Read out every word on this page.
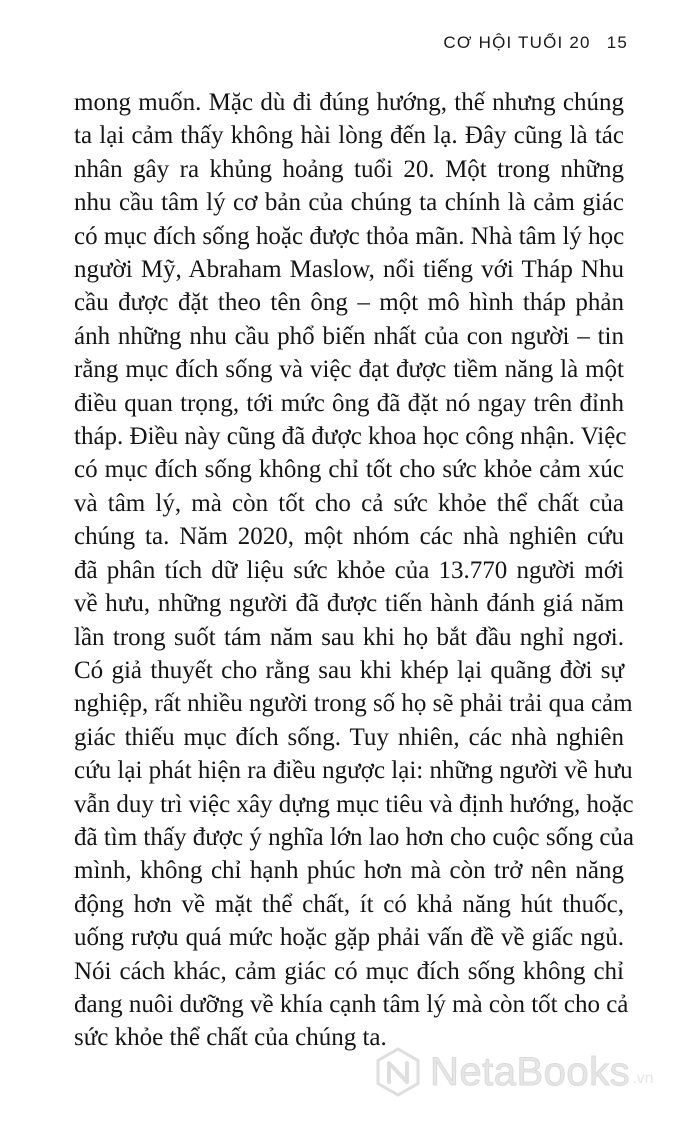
CƠ HỘI TUỔI 20 15

mong muốn. Mặc dù đi đúng hướng, thế nhưng chúng
ta lại cảm thấy không hài lòng đến lạ. Đây cũng là tác
nhân gây ra khủng hoảng tuổi 20. Một trong những
nhu cầu tâm lý cơ bản của chúng ta chính là cảm giác
có mục đích sống hoặc được thỏa mãn. Nhà tâm lý học
người Mỹ, Abraham Maslow, nổi tiếng với Tháp Nhu
cầu được đặt theo tên ông – một mô hình tháp phản
ánh những nhu cầu phổ biến nhất của con người – tin
rằng mục đích sống và việc đạt được tiềm năng là một
điều quan trọng, tới mức ông đã đặt nó ngay trên đỉnh
tháp. Điều này cũng đã được khoa học công nhận. Việc
có mục đích sống không chỉ tốt cho sức khỏe cảm xúc
và tâm lý, mà còn tốt cho cả sức khỏe thể chất của
chúng ta. Năm 2020, một nhóm các nhà nghiên cứu
đã phân tích dữ liệu sức khỏe của 13.770 người mới
về hưu, những người đã được tiến hành đánh giá năm
lần trong suốt tám năm sau khi họ bắt đầu nghỉ ngơi.
Có giả thuyết cho rằng sau khi khép lại quãng đời sự
nghiệp, rất nhiều người trong số họ sẽ phải trải qua cảm
giác thiếu mục đích sống. Tuy nhiên, các nhà nghiên
cứu lại phát hiện ra điều ngược lại: những người về hưu
vẫn duy trì việc xây dựng mục tiêu và định hướng, hoặc
đã tìm thấy được ý nghĩa lớn lao hơn cho cuộc sống của
mình, không chỉ hạnh phúc hơn mà còn trở nên năng
động hơn về mặt thể chất, ít có khả năng hút thuốc,
uống rượu quá mức hoặc gặp phải vấn đề về giấc ngủ.
Nói cách khác, cảm giác có mục đích sống không chỉ
đang nuôi dưỡng về khía cạnh tâm lý mà còn tốt cho cả
sức khỏe thể chất của chúng ta.

NetaBooks .vn
